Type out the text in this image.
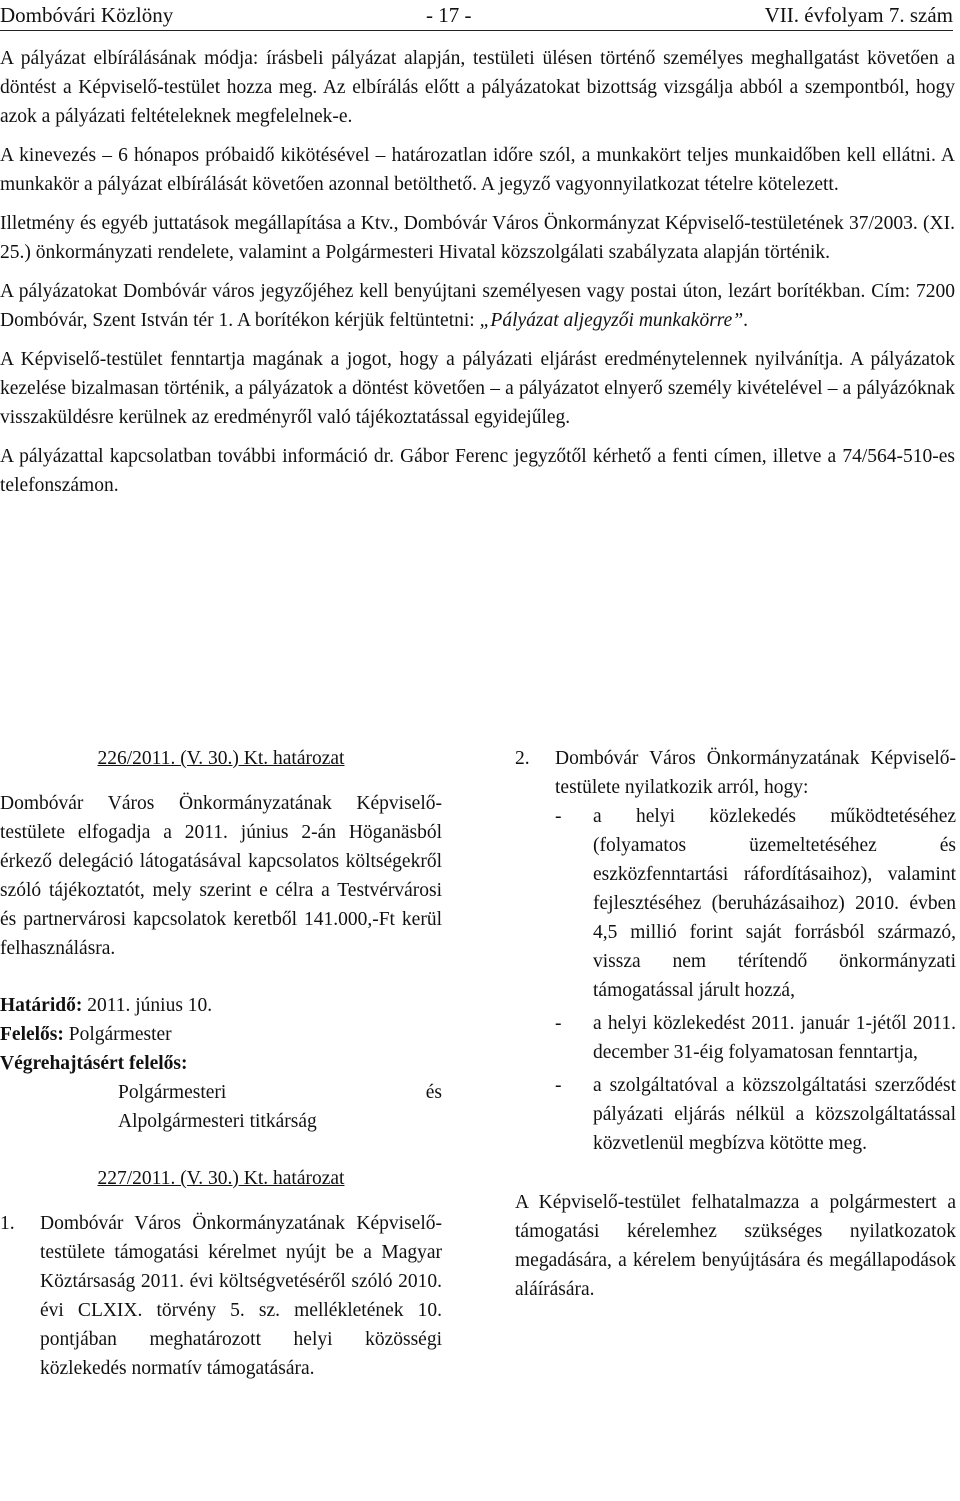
Dombóvári Közlöny	- 17 -	VII. évfolyam 7. szám

A pályázat elbírálásának módja: írásbeli pályázat alapján, testületi ülésen történő személyes meghallgatást követően a döntést a Képviselő-testület hozza meg. Az elbírálás előtt a pályázatokat bizottság vizsgálja abból a szempontból, hogy azok a pályázati feltételeknek megfelelnek-e.

A kinevezés – 6 hónapos próbaidő kikötésével – határozatlan időre szól, a munkakört teljes munkaidőben kell ellátni. A munkakör a pályázat elbírálását követően azonnal betölthető. A jegyző vagyonnyilatkozat tételre kötelezett.

Illetmény és egyéb juttatások megállapítása a Ktv., Dombóvár Város Önkormányzat Képviselő-testületének 37/2003. (XI. 25.) önkormányzati rendelete, valamint a Polgármesteri Hivatal közszolgálati szabályzata alapján történik.

A pályázatokat Dombóvár város jegyzőjéhez kell benyújtani személyesen vagy postai úton, lezárt borítékban. Cím: 7200 Dombóvár, Szent István tér 1. A borítékon kérjük feltüntetni: „Pályázat aljegyzői munkakörre”.

A Képviselő-testület fenntartja magának a jogot, hogy a pályázati eljárást eredménytelennek nyilvánítja. A pályázatok kezelése bizalmasan történik, a pályázatok a döntést követően – a pályázatot elnyerő személy kivételével – a pályázóknak visszaküldésre kerülnek az eredményről való tájékoztatással egyidejűleg.

A pályázattal kapcsolatban további információ dr. Gábor Ferenc jegyzőtől kérhető a fenti címen, illetve a 74/564-510-es telefonszámon.

226/2011. (V. 30.) Kt. határozat

Dombóvár Város Önkormányzatának Képviselő-testülete elfogadja a 2011. június 2-án Höganäsból érkező delegáció látogatásával kapcsolatos költségekről szóló tájékoztatót, mely szerint e célra a Testvérvárosi és partnervárosi kapcsolatok keretből 141.000,-Ft kerül felhasználásra.

Határidő: 2011. június 10.

Felelős: Polgármester

Végrehajtásért felelős:

Polgármesteri	és
Alpolgármesteri titkárság
227/2011. (V. 30.) Kt. határozat
1.	Dombóvár Város Önkormányzatának Képviselő-testülete támogatási kérelmet nyújt be a Magyar Köztársaság 2011. évi költségvetéséről szóló 2010. évi CLXIX. törvény 5. sz. mellékletének 10. pontjában meghatározott helyi közösségi közlekedés normatív támogatására.
2.	Dombóvár Város Önkormányzatának Képviselő-testülete nyilatkozik arról, hogy:
-	a helyi közlekedés működtetéséhez (folyamatos üzemeltetéséhez és eszközfenntartási ráfordításaihoz), valamint fejlesztéséhez (beruházásaihoz) 2010. évben 4,5 millió forint saját forrásból származó, vissza nem térítendő önkormányzati támogatással járult hozzá,
-	a helyi közlekedést 2011. január 1-jétől 2011. december 31-éig folyamatosan fenntartja,
-	a szolgáltatóval a közszolgáltatási szerződést pályázati eljárás nélkül a közszolgáltatással közvetlenül megbízva kötötte meg.

A Képviselő-testület felhatalmazza a polgármestert a támogatási kérelemhez szükséges nyilatkozatok megadására, a kérelem benyújtására és megállapodások aláírására.
